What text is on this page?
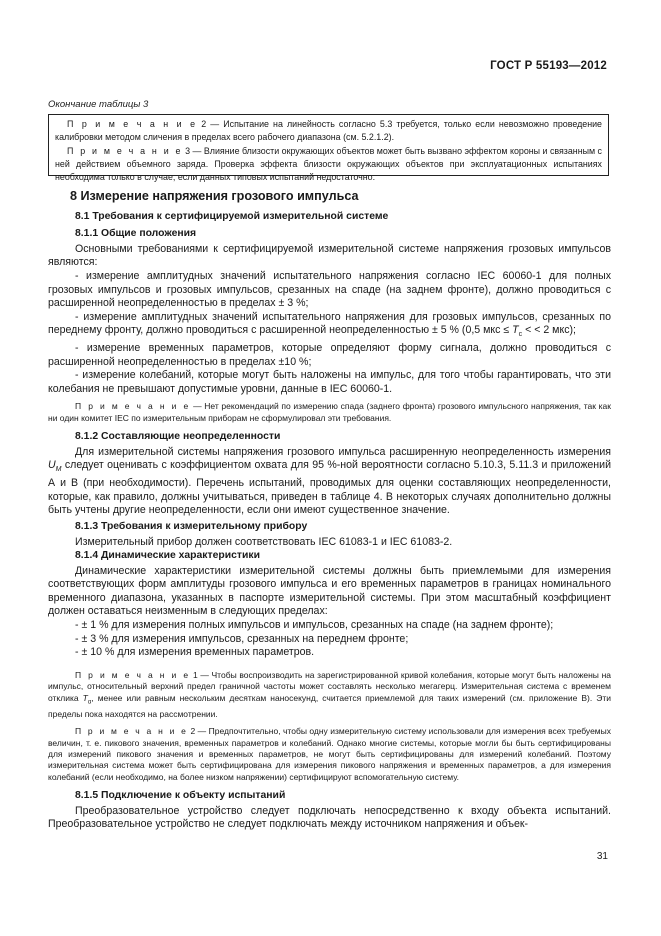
ГОСТ Р 55193—2012
Окончание таблицы 3

П р и м е ч а н и е 2 — Испытание на линейность согласно 5.3 требуется, только если невозможно проведение калибровки методом сличения в пределах всего рабочего диапазона (см. 5.2.1.2).

П р и м е ч а н и е 3 — Влияние близости окружающих объектов может быть вызвано эффектом короны и связанным с ней действием объемного заряда. Проверка эффекта близости окружающих объектов при эксплуатационных испытаниях необходима только в случае, если данных типовых испытаний недостаточно.

8 Измерение напряжения грозового импульса
8.1 Требования к сертифицируемой измерительной системе
8.1.1 Общие положения

Основными требованиями к сертифицируемой измерительной системе напряжения грозовых импульсов являются:

- измерение амплитудных значений испытательного напряжения согласно IEC 60060-1 для полных грозовых импульсов и грозовых импульсов, срезанных на спаде (на заднем фронте), должно проводиться с расширенной неопределенностью в пределах ± 3 %;

- измерение амплитудных значений испытательного напряжения для грозовых импульсов, срезанных по переднему фронту, должно проводиться с расширенной неопределенностью ± 5 % (0,5 мкс ≤ $T_c$ < < 2 мкс);

- измерение временных параметров, которые определяют форму сигнала, должно проводиться с расширенной неопределенностью в пределах ±10 %;

- измерение колебаний, которые могут быть наложены на импульс, для того чтобы гарантировать, что эти колебания не превышают допустимые уровни, данные в IEC 60060-1.

П р и м е ч а н и е — Нет рекомендаций по измерению спада (заднего фронта) грозового импульсного напряжения, так как ни один комитет IEC по измерительным приборам не сформулировал эти требования.

8.1.2 Составляющие неопределенности

Для измерительной системы напряжения грозового импульса расширенную неопределенность измерения $U_M$ следует оценивать с коэффициентом охвата для 95 %-ной вероятности согласно 5.10.3, 5.11.3 и приложений А и В (при необходимости). Перечень испытаний, проводимых для оценки составляющих неопределенности, которые, как правило, должны учитываться, приведен в таблице 4. В некоторых случаях дополнительно должны быть учтены другие неопределенности, если они имеют существенное значение.

8.1.3 Требования к измерительному прибору

Измерительный прибор должен соответствовать IEC 61083-1 и IEC 61083-2.

8.1.4 Динамические характеристики

Динамические характеристики измерительной системы должны быть приемлемыми для измерения соответствующих форм амплитуды грозового импульса и его временных параметров в границах номинального временного диапазона, указанных в паспорте измерительной системы. При этом масштабный коэффициент должен оставаться неизменным в следующих пределах:

- ± 1 % для измерения полных импульсов и импульсов, срезанных на спаде (на заднем фронте);

- ± 3 % для измерения импульсов, срезанных на переднем фронте;

- ± 10 % для измерения временных параметров.

П р и м е ч а н и е 1 — Чтобы воспроизводить на зарегистрированной кривой колебания, которые могут быть наложены на импульс, относительный верхний предел граничной частоты может составлять несколько мегагерц. Измерительная система с временем отклика $T_\alpha$, менее или равным нескольким десяткам наносекунд, считается приемлемой для таких измерений (см. приложение В). Эти пределы пока находятся на рассмотрении.

П р и м е ч а н и е 2 — Предпочтительно, чтобы одну измерительную систему использовали для измерения всех требуемых величин, т. е. пикового значения, временных параметров и колебаний. Однако многие системы, которые могли бы быть сертифицированы для измерений пикового значения и временных параметров, не могут быть сертифицированы для измерений колебаний. Поэтому измерительная система может быть сертифицирована для измерения пикового напряжения и временных параметров, а для измерения колебаний (если необходимо, на более низком напряжении) сертифицируют вспомогательную систему.

8.1.5 Подключение к объекту испытаний

Преобразовательное устройство следует подключать непосредственно к входу объекта испытаний. Преобразовательное устройство не следует подключать между источником напряжения и объек-

31
